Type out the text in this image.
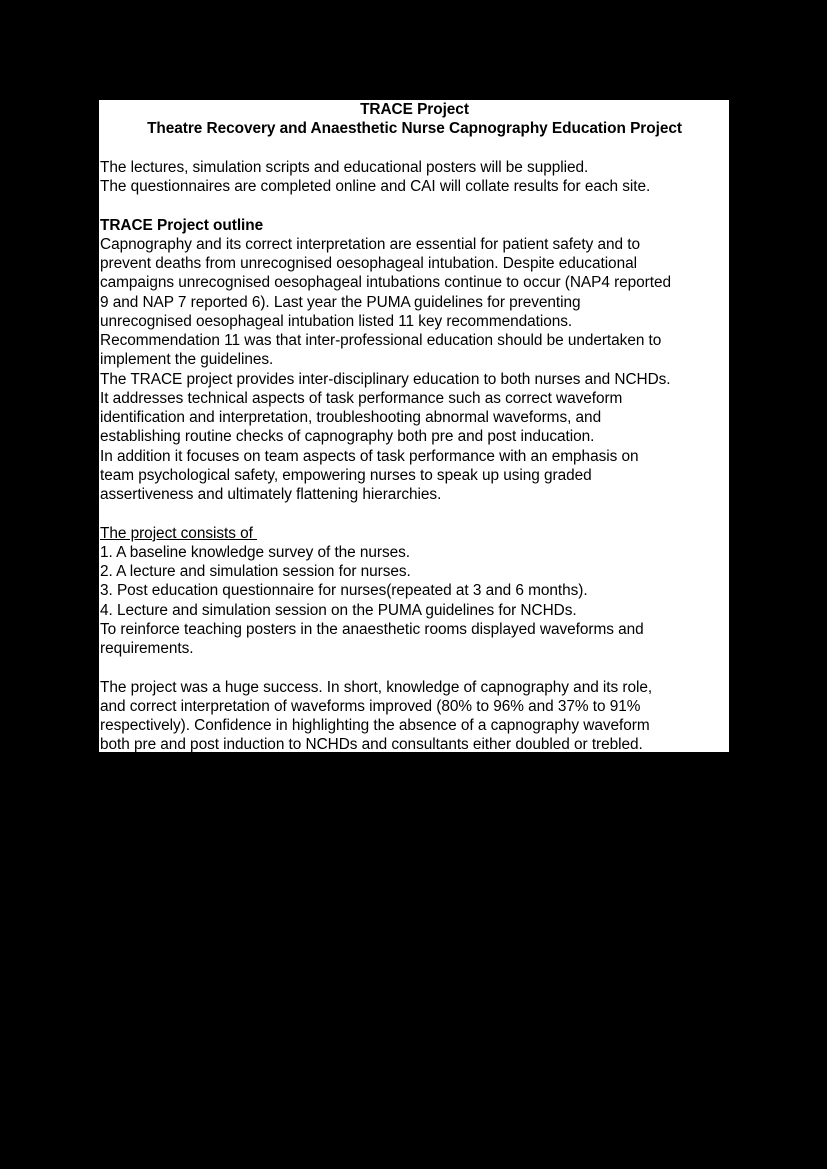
TRACE Project
Theatre Recovery and Anaesthetic Nurse Capnography Education Project
The lectures, simulation scripts and educational posters will be supplied.
The questionnaires are completed online and CAI will collate results for each site.
TRACE Project outline
Capnography and its correct interpretation are essential for patient safety and to
prevent deaths from unrecognised oesophageal intubation. Despite educational
campaigns unrecognised oesophageal intubations continue to occur (NAP4 reported
9 and NAP 7 reported 6). Last year the PUMA guidelines for preventing
unrecognised oesophageal intubation listed 11 key recommendations.
Recommendation 11 was that inter-professional education should be undertaken to
implement the guidelines.
The TRACE project provides inter-disciplinary education to both nurses and NCHDs.
It addresses technical aspects of task performance such as correct waveform
identification and interpretation, troubleshooting abnormal waveforms, and
establishing routine checks of capnography both pre and post inducation.
In addition it focuses on team aspects of task performance with an emphasis on
team psychological safety, empowering nurses to speak up using graded
assertiveness and ultimately flattening hierarchies.
The project consists of
1. A baseline knowledge survey of the nurses.
2. A lecture and simulation session for nurses.
3. Post education questionnaire for nurses(repeated at 3 and 6 months).
4. Lecture and simulation session on the PUMA guidelines for NCHDs.
To reinforce teaching posters in the anaesthetic rooms displayed waveforms and
requirements.
The project was a huge success. In short, knowledge of capnography and its role,
and correct interpretation of waveforms improved (80% to 96% and 37% to 91%
respectively). Confidence in highlighting the absence of a capnography waveform
both pre and post induction to NCHDs and consultants either doubled or trebled.
